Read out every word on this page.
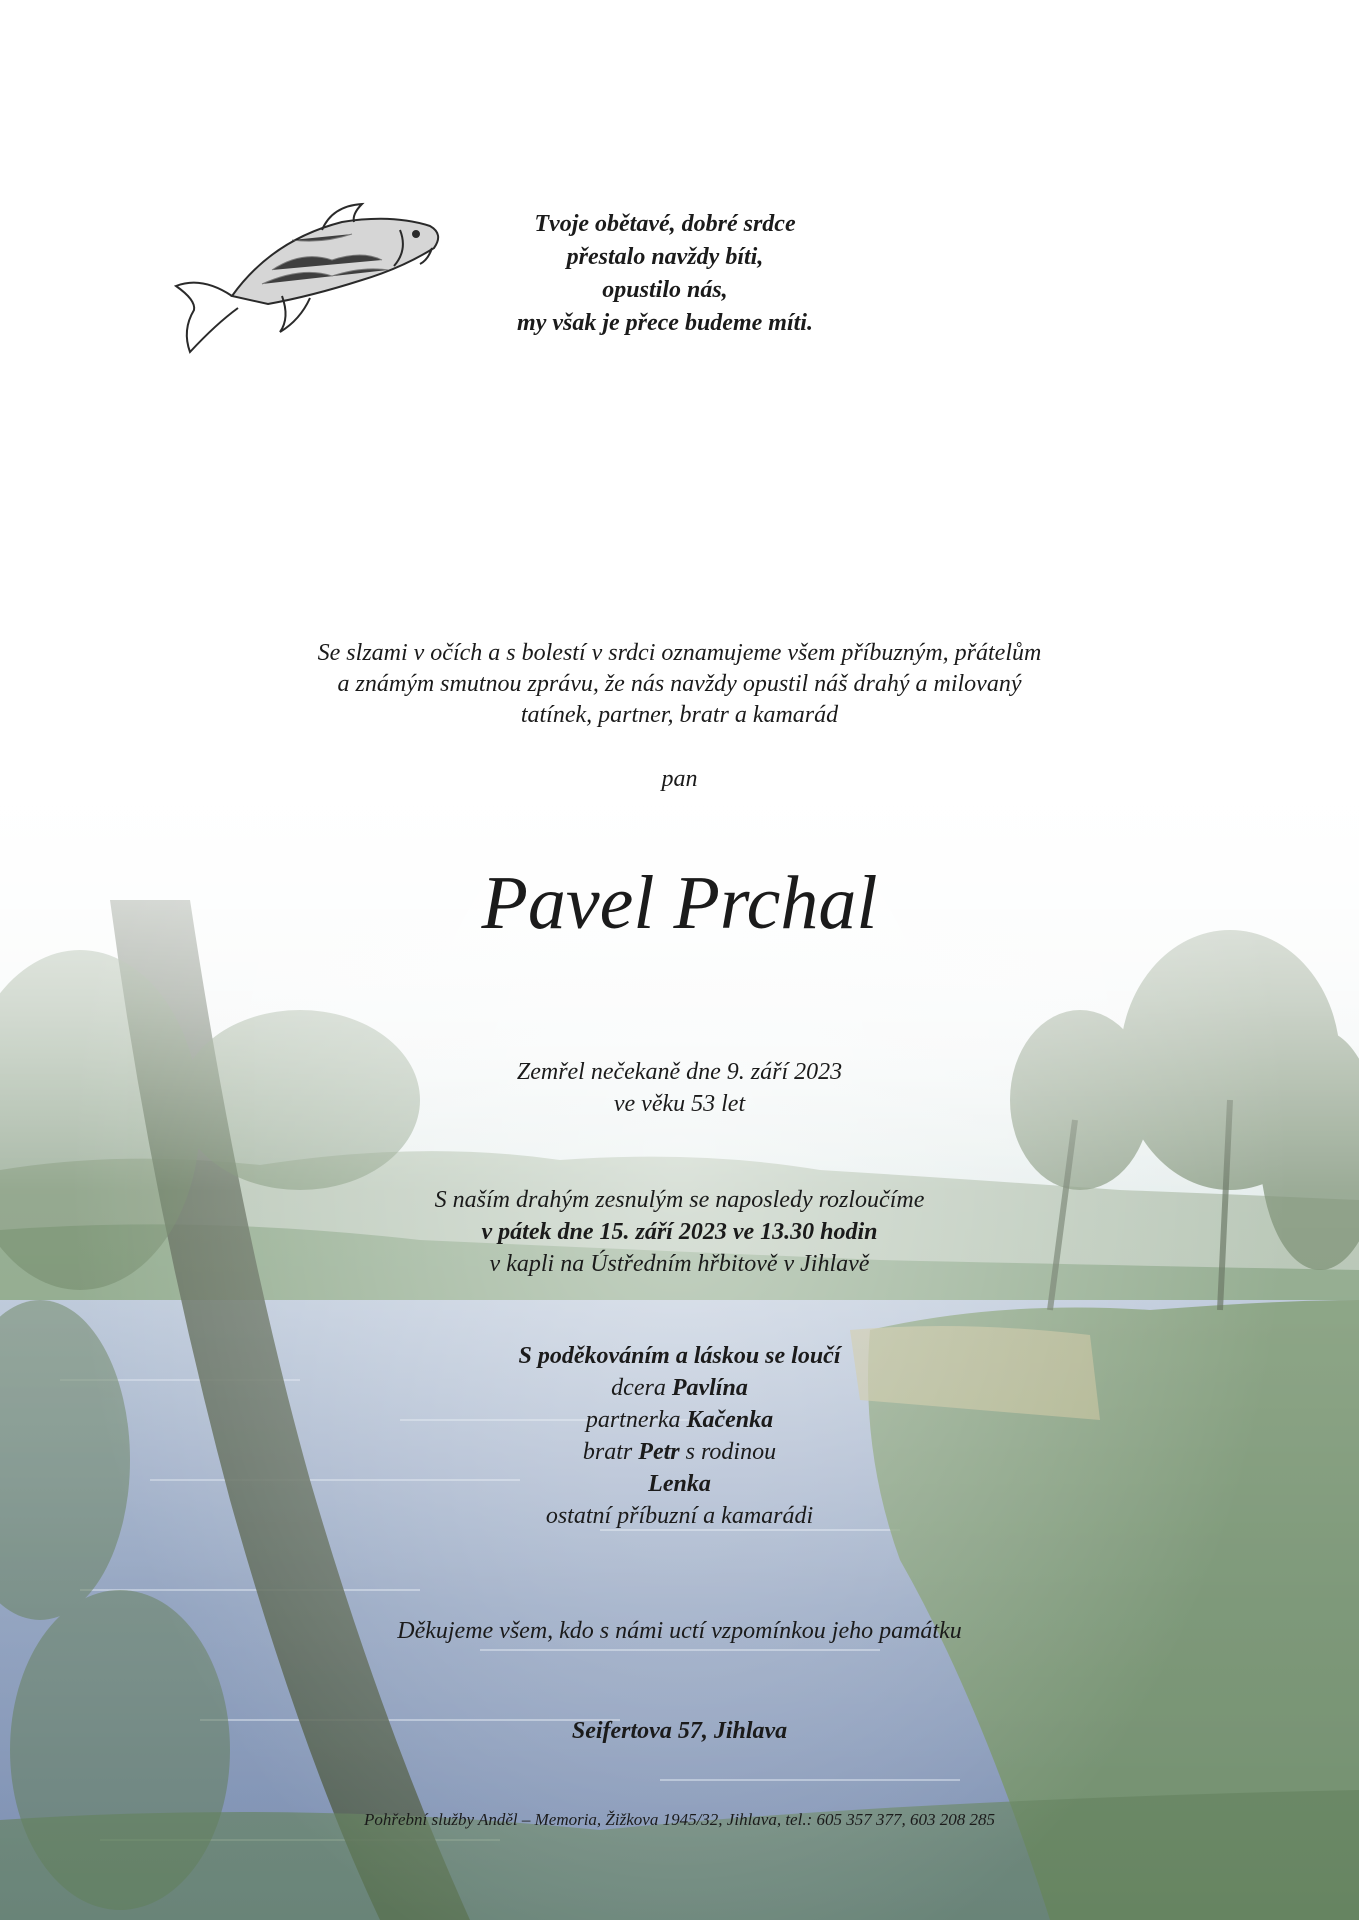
Tvoje obětavé, dobré srdce
přestalo navždy bíti,
opustilo nás,
my však je přece budeme míti.
Se slzami v očích a s bolestí v srdci oznamujeme všem příbuzným, přátelům
a známým smutnou zprávu, že nás navždy opustil náš drahý a milovaný
tatínek, partner, bratr a kamarád
pan
Pavel Prchal
Zemřel nečekaně dne 9. září 2023
ve věku 53 let
S naším drahým zesnulým se naposledy rozloučíme
v pátek dne 15. září 2023 ve 13.30 hodin
v kapli na Ústředním hřbitově v Jihlavě
S poděkováním a láskou se loučí
dcera Pavlína
partnerka Kačenka
bratr Petr s rodinou
Lenka
ostatní příbuzní a kamarádi
Děkujeme všem, kdo s námi uctí vzpomínkou jeho památku
Seifertova 57, Jihlava
Pohřební služby Anděl – Memoria, Žižkova 1945/32, Jihlava, tel.: 605 357 377, 603 208 285
